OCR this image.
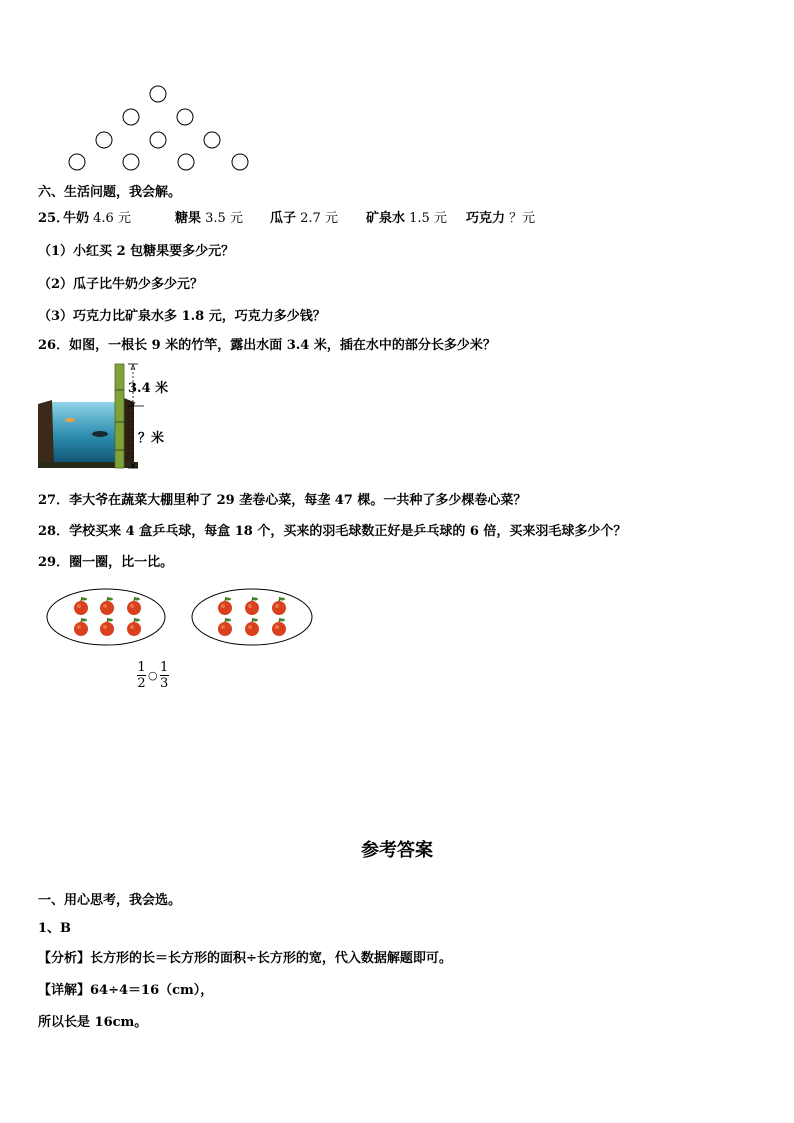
六、生活问题，我会解。
25．
牛奶 4.6 元	糖果 3.5 元 瓜子 2.7 元 矿泉水 1.5 元 巧克力 ？元
（1）小红买 2 包糖果要多少元？
（2）瓜子比牛奶少多少元？
（3）巧克力比矿泉水多 1.8 元，巧克力多少钱？
26．如图，一根长 9 米的竹竿，露出水面 3.4 米，插在水中的部分长多少米？
3.4 米
？米
27．李大爷在蔬菜大棚里种了 29 垄卷心菜，每垄 47 棵。一共种了多少棵卷心菜？
28．学校买来 4 盒乒乓球，每盒 18 个，买来的羽毛球数正好是乒乓球的 6 倍，买来羽毛球多少个？
29．圈一圈，比一比。
1
2
○
1
3
参考答案
一、用心思考，我会选。
1、B
【分析】长方形的长＝长方形的面积÷长方形的宽，代入数据解题即可。
【详解】64÷4＝16（cm），
所以长是 16cm。
